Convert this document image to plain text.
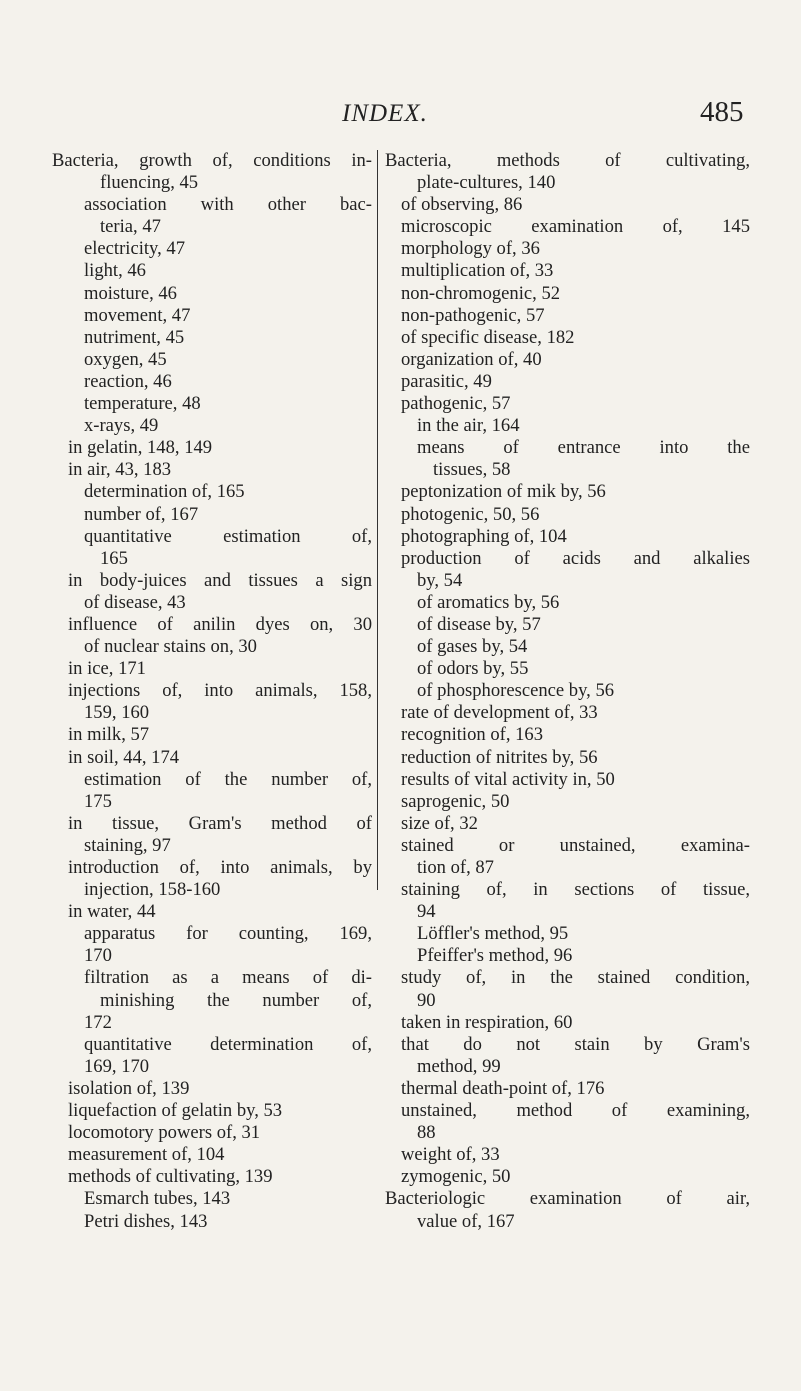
INDEX.	485
Bacteria, growth of, conditions in-
fluencing, 45
association with other bac-
teria, 47
electricity, 47
light, 46
moisture, 46
movement, 47
nutriment, 45
oxygen, 45
reaction, 46
temperature, 48
x-rays, 49
in gelatin, 148, 149
in air, 43, 183
determination of, 165
number of, 167
quantitative estimation of,
165
in body-juices and tissues a sign
of disease, 43
influence of anilin dyes on, 30
of nuclear stains on, 30
in ice, 171
injections of, into animals, 158,
159, 160
in milk, 57
in soil, 44, 174
estimation of the number of,
175
in tissue, Gram's method of
staining, 97
introduction of, into animals, by
injection, 158-160
in water, 44
apparatus for counting, 169,
170
filtration as a means of di-
minishing the number of,
172
quantitative determination of,
169, 170
isolation of, 139
liquefaction of gelatin by, 53
locomotory powers of, 31
measurement of, 104
methods of cultivating, 139
Esmarch tubes, 143
Petri dishes, 143
Bacteria, methods of cultivating,
plate-cultures, 140
of observing, 86
microscopic examination of, 145
morphology of, 36
multiplication of, 33
non-chromogenic, 52
non-pathogenic, 57
of specific disease, 182
organization of, 40
parasitic, 49
pathogenic, 57
in the air, 164
means of entrance into the
tissues, 58
peptonization of mik by, 56
photogenic, 50, 56
photographing of, 104
production of acids and alkalies
by, 54
of aromatics by, 56
of disease by, 57
of gases by, 54
of odors by, 55
of phosphorescence by, 56
rate of development of, 33
recognition of, 163
reduction of nitrites by, 56
results of vital activity in, 50
saprogenic, 50
size of, 32
stained or unstained, examina-
tion of, 87
staining of, in sections of tissue,
94
Löffler's method, 95
Pfeiffer's method, 96
study of, in the stained condition,
90
taken in respiration, 60
that do not stain by Gram's
method, 99
thermal death-point of, 176
unstained, method of examining,
88
weight of, 33
zymogenic, 50
Bacteriologic examination of air,
value of, 167
